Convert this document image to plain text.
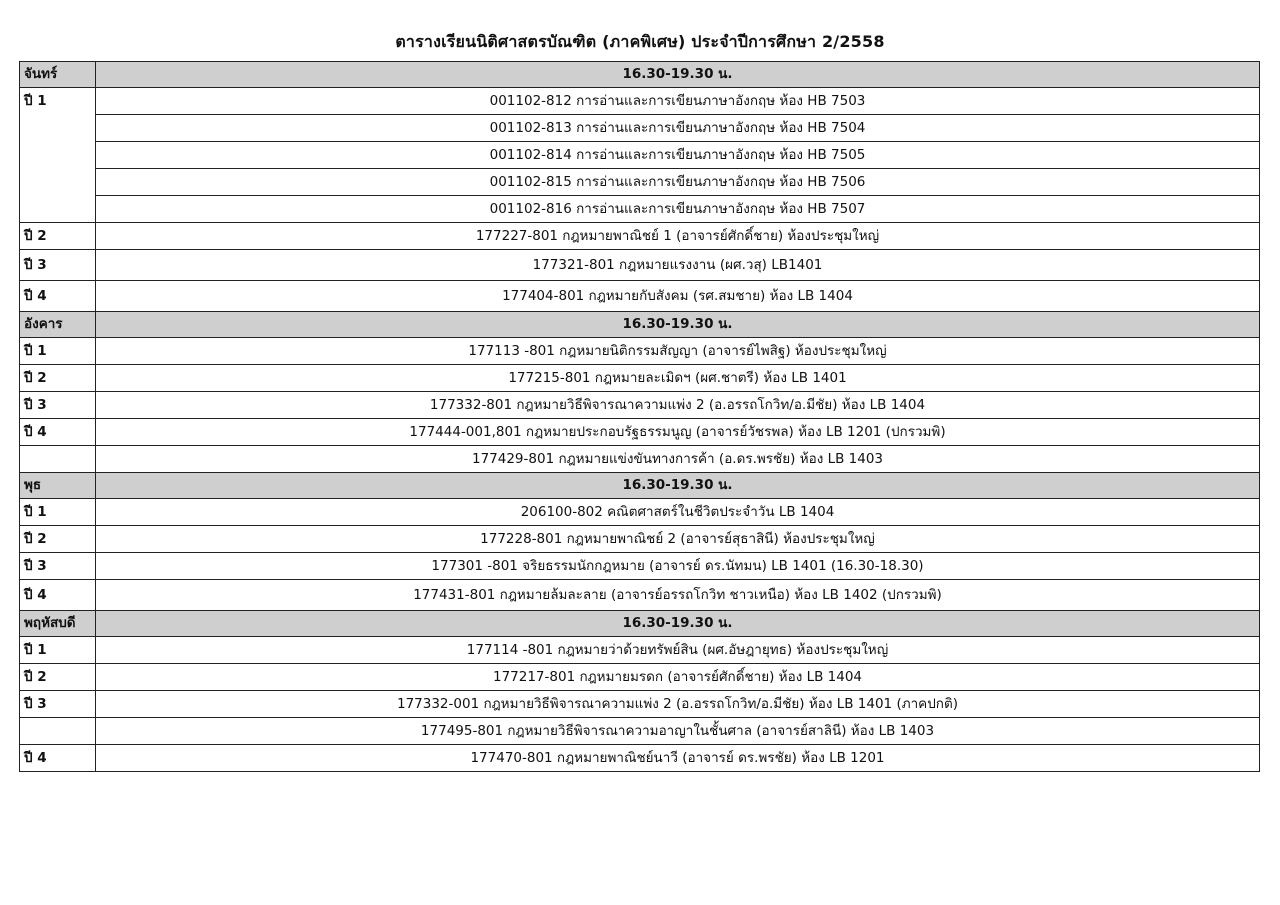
ตารางเรียนนิติศาสตรบัณฑิต (ภาคพิเศษ) ประจำปีการศึกษา 2/2558
จันทร์	16.30-19.30 น.
ปี 1	001102-812 การอ่านและการเขียนภาษาอังกฤษ ห้อง HB 7503
	001102-813 การอ่านและการเขียนภาษาอังกฤษ ห้อง HB 7504
	001102-814 การอ่านและการเขียนภาษาอังกฤษ ห้อง HB 7505
	001102-815 การอ่านและการเขียนภาษาอังกฤษ ห้อง HB 7506
	001102-816 การอ่านและการเขียนภาษาอังกฤษ ห้อง HB 7507
ปี 2	177227-801 กฎหมายพาณิชย์ 1 (อาจารย์ศักดิ์ชาย) ห้องประชุมใหญ่
ปี 3	177321-801 กฎหมายแรงงาน (ผศ.วสุ) LB1401
ปี 4	177404-801 กฎหมายกับสังคม (รศ.สมชาย) ห้อง LB 1404
อังคาร	16.30-19.30 น.
ปี 1	177113 -801 กฎหมายนิติกรรมสัญญา (อาจารย์ไพสิฐ) ห้องประชุมใหญ่
ปี 2	177215-801 กฎหมายละเมิดฯ (ผศ.ชาตรี) ห้อง LB 1401
ปี 3	177332-801 กฎหมายวิธีพิจารณาความแพ่ง 2 (อ.อรรถโกวิท/อ.มีชัย) ห้อง LB 1404
ปี 4	177444-001,801 กฎหมายประกอบรัฐธรรมนูญ (อาจารย์วัชรพล) ห้อง LB 1201 (ปกรวมพิ)
	177429-801 กฎหมายแข่งขันทางการค้า (อ.ดร.พรชัย) ห้อง LB 1403
พุธ	16.30-19.30 น.
ปี 1	206100-802 คณิตศาสตร์ในชีวิตประจำวัน LB 1404
ปี 2	177228-801 กฎหมายพาณิชย์ 2 (อาจารย์สุธาสินี) ห้องประชุมใหญ่
ปี 3	177301 -801 จริยธรรมนักกฎหมาย (อาจารย์ ดร.นัทมน) LB 1401 (16.30-18.30)
ปี 4	177431-801 กฎหมายล้มละลาย (อาจารย์อรรถโกวิท ชาวเหนือ) ห้อง LB 1402 (ปกรวมพิ)
พฤหัสบดี	16.30-19.30 น.
ปี 1	177114 -801 กฎหมายว่าด้วยทรัพย์สิน (ผศ.อัษฎายุทธ) ห้องประชุมใหญ่
ปี 2	177217-801 กฎหมายมรดก (อาจารย์ศักดิ์ชาย) ห้อง LB 1404
ปี 3	177332-001 กฎหมายวิธีพิจารณาความแพ่ง 2 (อ.อรรถโกวิท/อ.มีชัย) ห้อง LB 1401 (ภาคปกติ)
	177495-801 กฎหมายวิธีพิจารณาความอาญาในชั้นศาล (อาจารย์สาลินี) ห้อง LB 1403
ปี 4	177470-801 กฎหมายพาณิชย์นาวี (อาจารย์ ดร.พรชัย) ห้อง LB 1201
